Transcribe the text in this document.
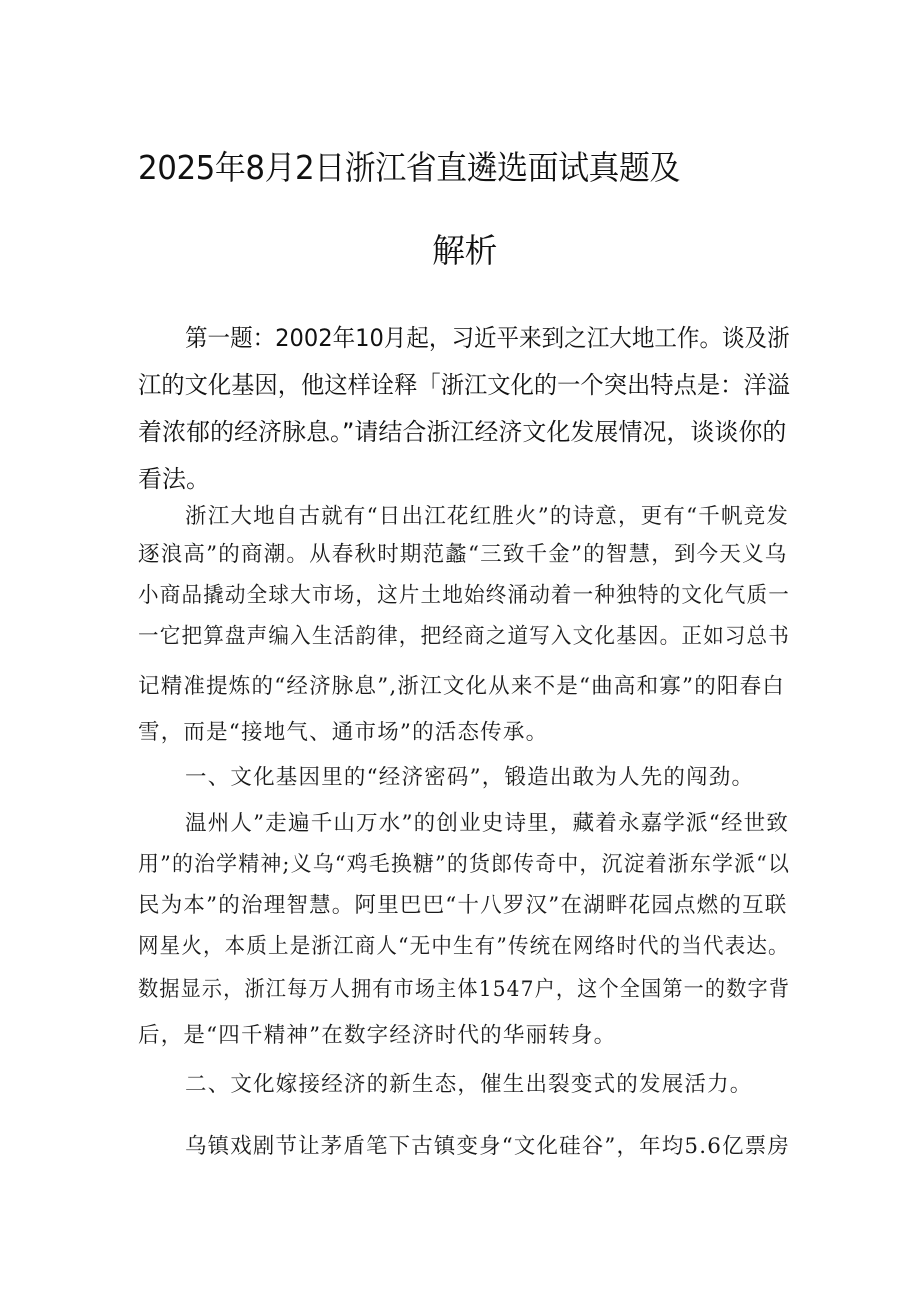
2025年8月2日浙江省直遴选面试真题及
解析
第一题：2002年10月起，习近平来到之江大地工作。谈及浙
江的文化基因，他这样诠释「浙江文化的一个突出特点是：洋溢
着浓郁的经济脉息。”请结合浙江经济文化发展情况，谈谈你的
看法。
浙江大地自古就有“日出江花红胜火”的诗意，更有“千帆竞发
逐浪高”的商潮。从春秋时期范蠡“三致千金”的智慧，到今天义乌
小商品撬动全球大市场，这片土地始终涌动着一种独特的文化气质一
一它把算盘声编入生活韵律，把经商之道写入文化基因。正如习总书
记精准提炼的“经济脉息”,浙江文化从来不是“曲高和寡”的阳春白
雪，而是“接地气、通市场”的活态传承。
一、文化基因里的“经济密码”，锻造出敢为人先的闯劲。
温州人”走遍千山万水”的创业史诗里，藏着永嘉学派“经世致
用”的治学精神;义乌“鸡毛换糖”的货郎传奇中，沉淀着浙东学派“以
民为本”的治理智慧。阿里巴巴“十八罗汉”在湖畔花园点燃的互联
网星火，本质上是浙江商人“无中生有”传统在网络时代的当代表达。
数据显示，浙江每万人拥有市场主体1547户，这个全国第一的数字背
后，是“四千精神”在数字经济时代的华丽转身。
二、文化嫁接经济的新生态，催生出裂变式的发展活力。
乌镇戏剧节让茅盾笔下古镇变身“文化硅谷”，年均5.6亿票房
